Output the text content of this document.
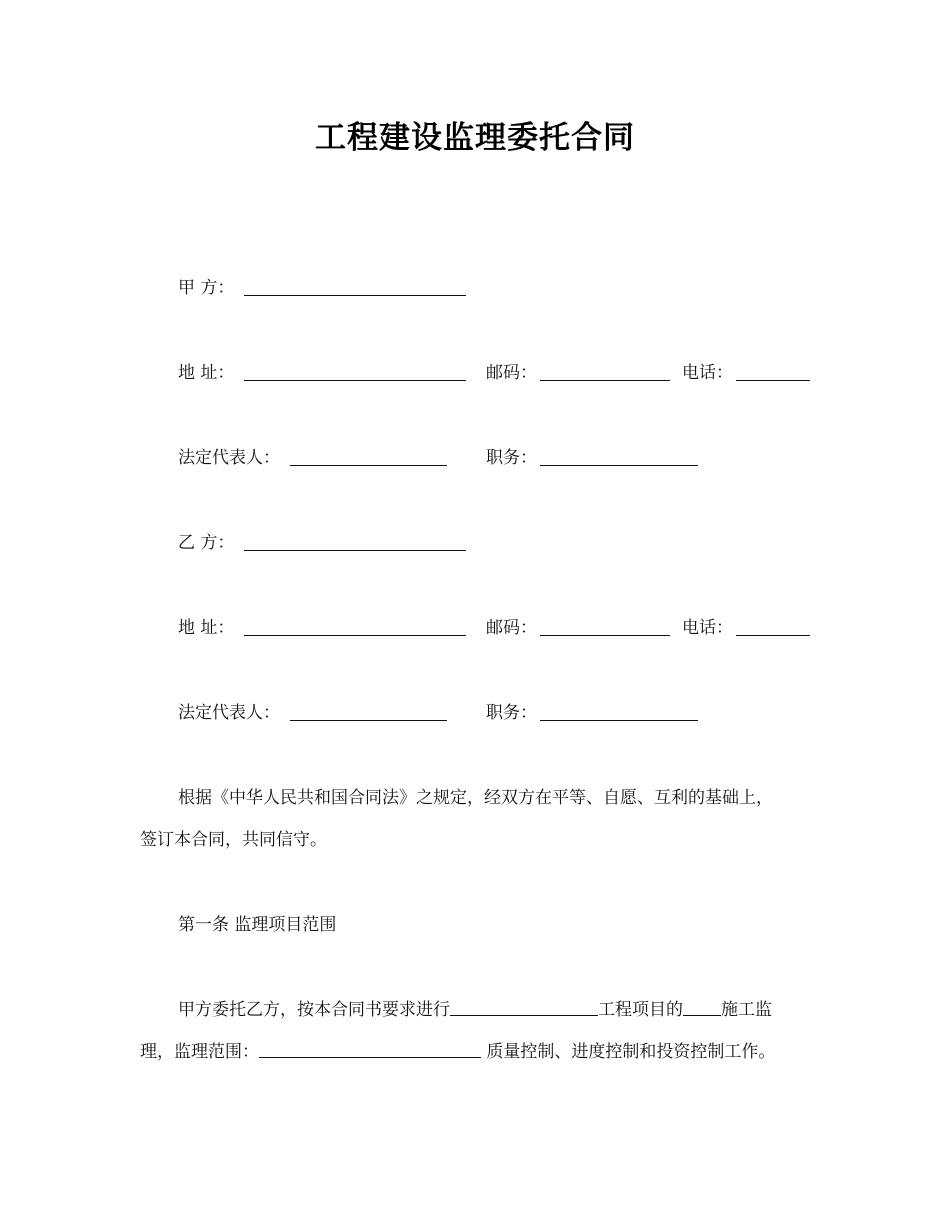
工程建设监理委托合同
甲 方：
地 址：	邮码：	电话：
法定代表人：	职务：
乙 方：
地 址：	邮码：	电话：
法定代表人：	职务：
根据《中华人民共和国合同法》之规定，经双方在平等、自愿、互利的基础上，
签订本合同，共同信守。
第一条 监理项目范围
甲方委托乙方，按本合同书要求进行	工程项目的 施工监
理，监理范围：	质量控制、进度控制和投资控制工作。
